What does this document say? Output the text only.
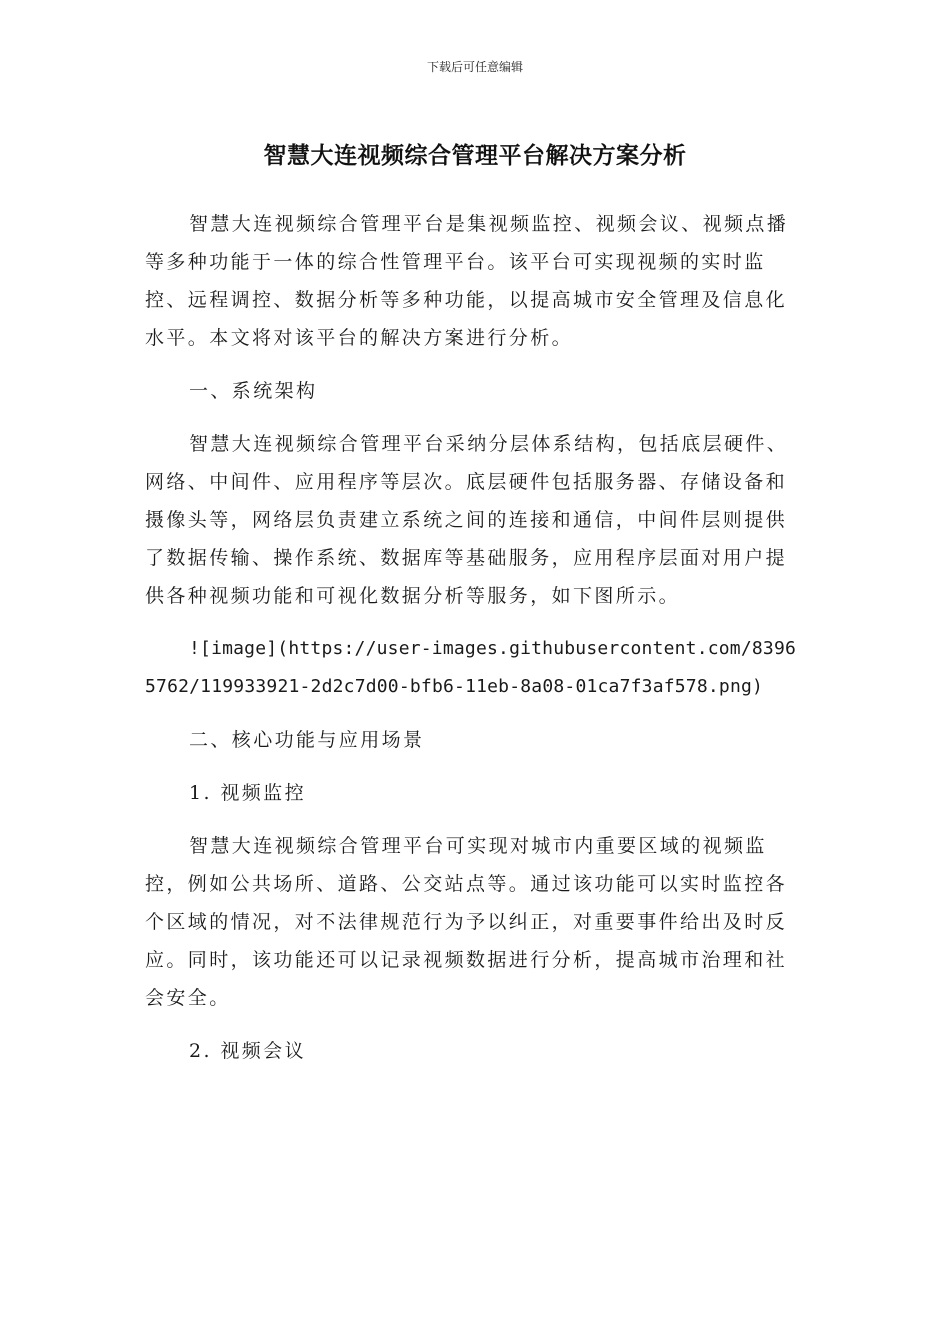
下载后可任意编辑
智慧大连视频综合管理平台解决方案分析

智慧大连视频综合管理平台是集视频监控、视频会议、视频点播等多种功能于一体的综合性管理平台。该平台可实现视频的实时监控、远程调控、数据分析等多种功能，以提高城市安全管理及信息化水平。本文将对该平台的解决方案进行分析。

一、系统架构

智慧大连视频综合管理平台采纳分层体系结构，包括底层硬件、网络、中间件、应用程序等层次。底层硬件包括服务器、存储设备和摄像头等，网络层负责建立系统之间的连接和通信，中间件层则提供了数据传输、操作系统、数据库等基础服务，应用程序层面对用户提供各种视频功能和可视化数据分析等服务，如下图所示。

![image](https://user-images.githubusercontent.com/83965762/119933921-2d2c7d00-bfb6-11eb-8a08-01ca7f3af578.png)

二、核心功能与应用场景

1. 视频监控

智慧大连视频综合管理平台可实现对城市内重要区域的视频监控，例如公共场所、道路、公交站点等。通过该功能可以实时监控各个区域的情况，对不法律规范行为予以纠正，对重要事件给出及时反应。同时，该功能还可以记录视频数据进行分析，提高城市治理和社会安全。

2. 视频会议
